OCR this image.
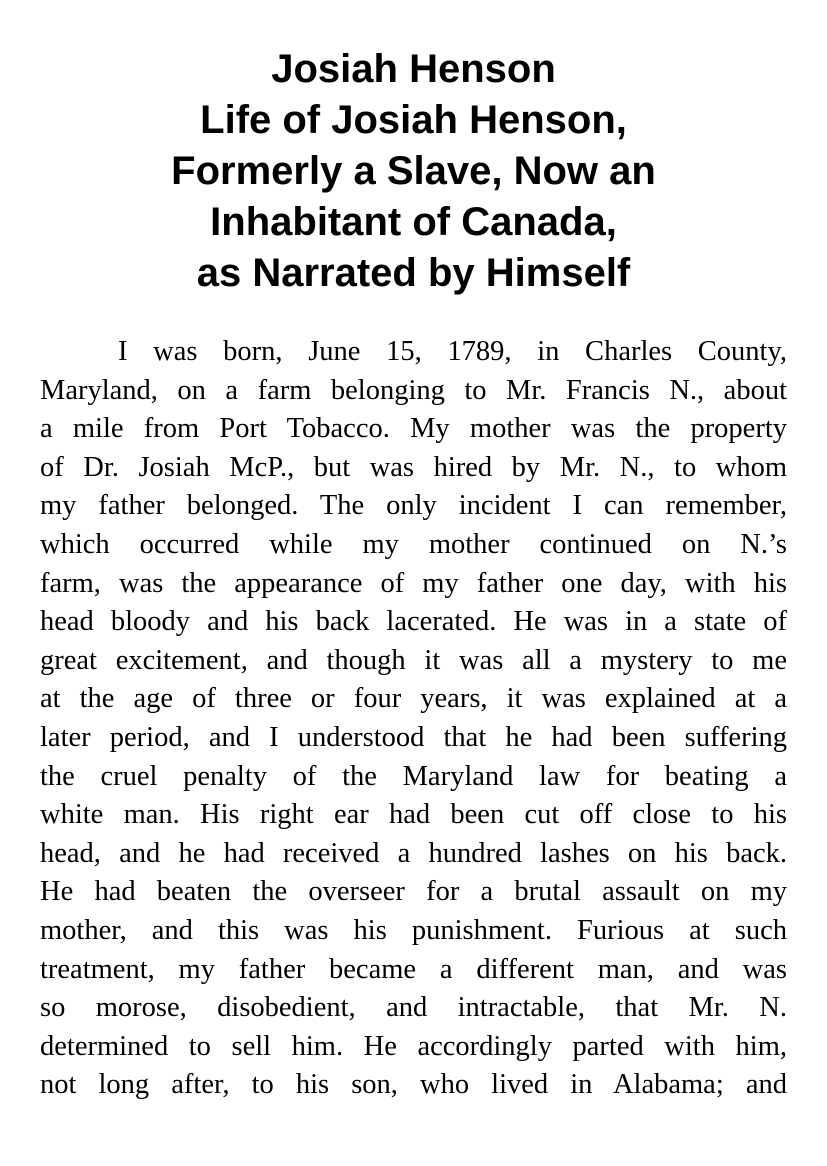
Josiah Henson
Life of Josiah Henson,
Formerly a Slave, Now an
Inhabitant of Canada,
as Narrated by Himself
I was born, June 15, 1789, in Charles County,
Maryland, on a farm belonging to Mr. Francis N., about
a mile from Port Tobacco. My mother was the property
of Dr. Josiah McP., but was hired by Mr. N., to whom
my father belonged. The only incident I can remember,
which occurred while my mother continued on N.’s
farm, was the appearance of my father one day, with his
head bloody and his back lacerated. He was in a state of
great excitement, and though it was all a mystery to me
at the age of three or four years, it was explained at a
later period, and I understood that he had been suffering
the cruel penalty of the Maryland law for beating a
white man. His right ear had been cut off close to his
head, and he had received a hundred lashes on his back.
He had beaten the overseer for a brutal assault on my
mother, and this was his punishment. Furious at such
treatment, my father became a different man, and was
so morose, disobedient, and intractable, that Mr. N.
determined to sell him. He accordingly parted with him,
not long after, to his son, who lived in Alabama; and
